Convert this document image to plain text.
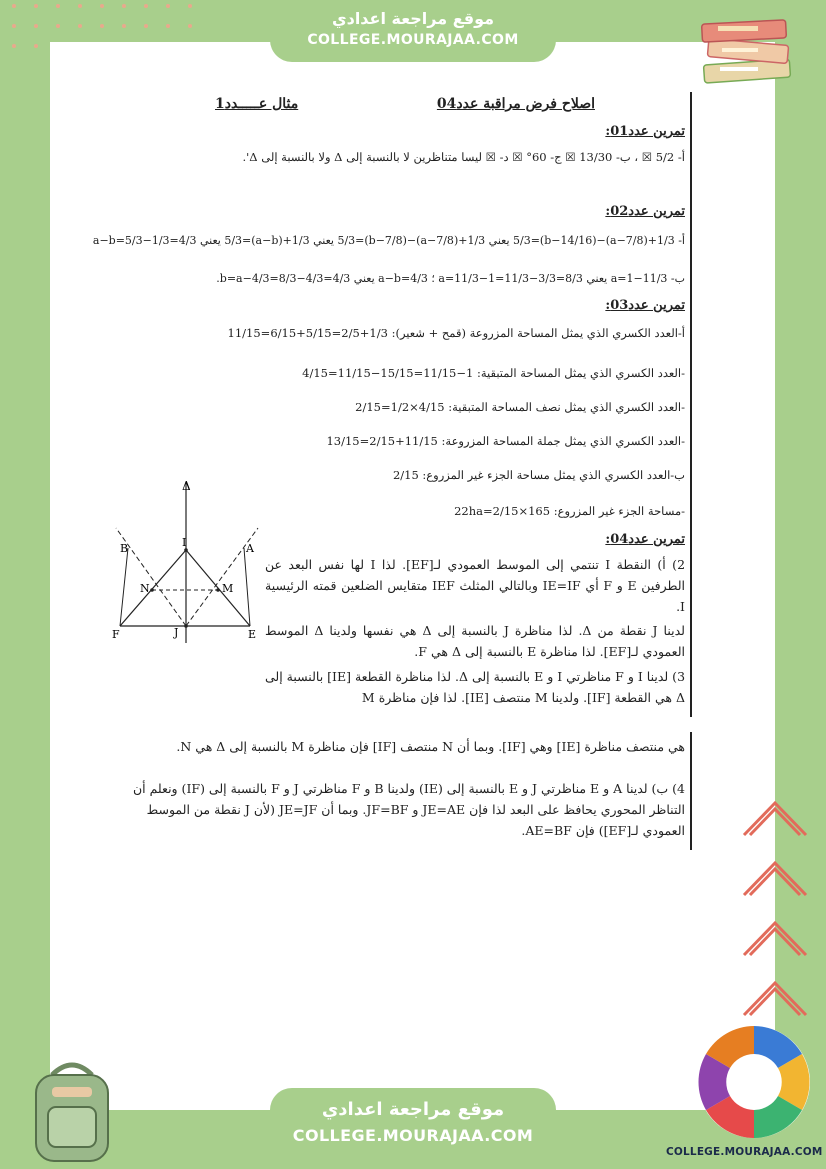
موقع مراجعة اعدادي
COLLEGE.MOURAJAA.COM
اصلاح فرض مراقبة عدد04
مثال عـــــدد1
تمرين عدد01:
أ- 5/2 ☒ ، ب- 13/30 ☒ ج- 60° ☒ د- ☒ ليسا متناظرين لا بالنسبة إلى Δ ولا بالنسبة إلى Δ'.
تمرين عدد02:
أ- 1/3+(a−7/8)−(b−14/16)=5/3 يعني 1/3+(a−7/8)−(b−7/8)=5/3 يعني 1/3+(a−b)=5/3 يعني a−b=5/3−1/3=4/3
ب- 11/3−a=1 يعني a=11/3−1=11/3−3/3=8/3 ؛ a−b=4/3 يعني b=a−4/3=8/3−4/3=4/3.
تمرين عدد03:
أ-العدد الكسري الذي يمثل المساحة المزروعة (قمح + شعير): 1/3+2/5=5/15+6/15=11/15
-العدد الكسري الذي يمثل المساحة المتبقية: 1−11/15=15/15−11/15=4/15
-العدد الكسري الذي يمثل نصف المساحة المتبقية: 4/15×1/2=2/15
-العدد الكسري الذي يمثل جملة المساحة المزروعة: 11/15+2/15=13/15
ب-العدد الكسري الذي يمثل مساحة الجزء غير المزروع: 2/15
-مساحة الجزء غير المزروع: 165×2/15=22ha
تمرين عدد04:
2) أ) النقطة I تنتمي إلى الموسط العمودي لـ[EF]. لذا I لها نفس البعد عن الطرفين E و F أي IE=IF وبالتالي المثلث IEF متقايس الضلعين قمته الرئيسية I.
لدينا J نقطة من Δ. لذا مناظرة J بالنسبة إلى Δ هي نفسها ولدينا Δ الموسط العمودي لـ[EF]. لذا مناظرة E بالنسبة إلى Δ هي F.
3) لدينا I و F مناظرتي I و E بالنسبة إلى Δ. لذا مناظرة القطعة [IE] بالنسبة إلى Δ هي القطعة [IF]. ولدينا M منتصف [IE]. لذا فإن مناظرة M
هي منتصف مناظرة [IE] وهي [IF]. وبما أن N منتصف [IF] فإن مناظرة M بالنسبة إلى Δ هي N.
4) ب) لدينا A و E مناظرتي J و E بالنسبة إلى (IE) ولدينا B و F مناظرتي J و F بالنسبة إلى (IF) ونعلم أن التناظر المحوري يحافظ على البعد لذا فإن JE=AE و JF=BF. وبما أن JE=JF (لأن J نقطة من الموسط العمودي لـ[EF]) فإن AE=BF.
Δ
B	A
I
N	M
F	J	E
موقع مراجعة اعدادي
COLLEGE.MOURAJAA.COM
COLLEGE.MOURAJAA.COM
